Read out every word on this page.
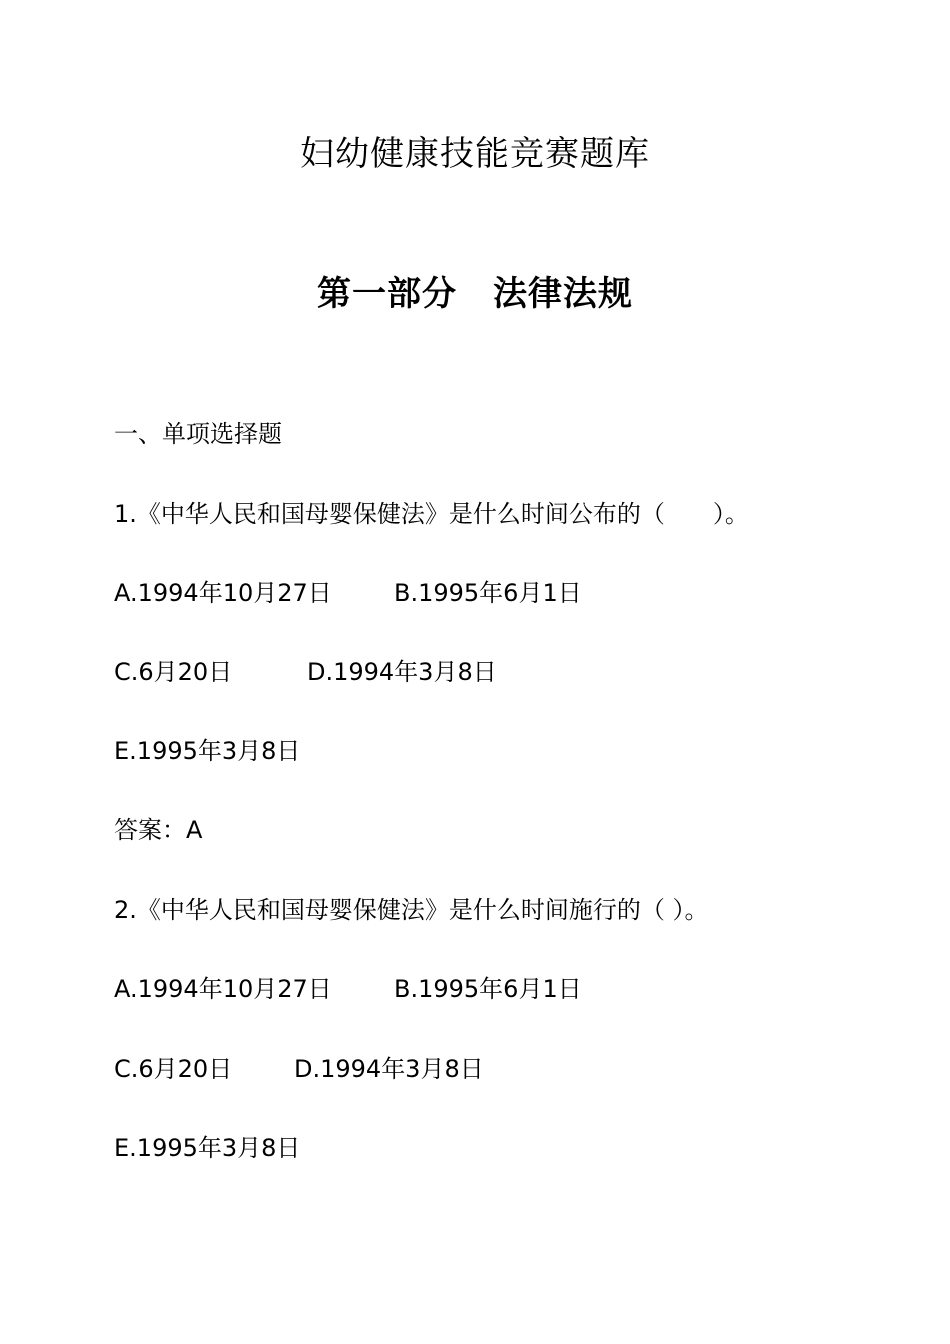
妇幼健康技能竞赛题库
第一部分 法律法规
一、单项选择题
1.《中华人民和国母婴保健法》是什么时间公布的（　　）。
A.1994年10月27日	B.1995年6月1日
C.6月20日	D.1994年3月8日
E.1995年3月8日
答案：A
2.《中华人民和国母婴保健法》是什么时间施行的（ ）。
A.1994年10月27日	B.1995年6月1日
C.6月20日	D.1994年3月8日
E.1995年3月8日
